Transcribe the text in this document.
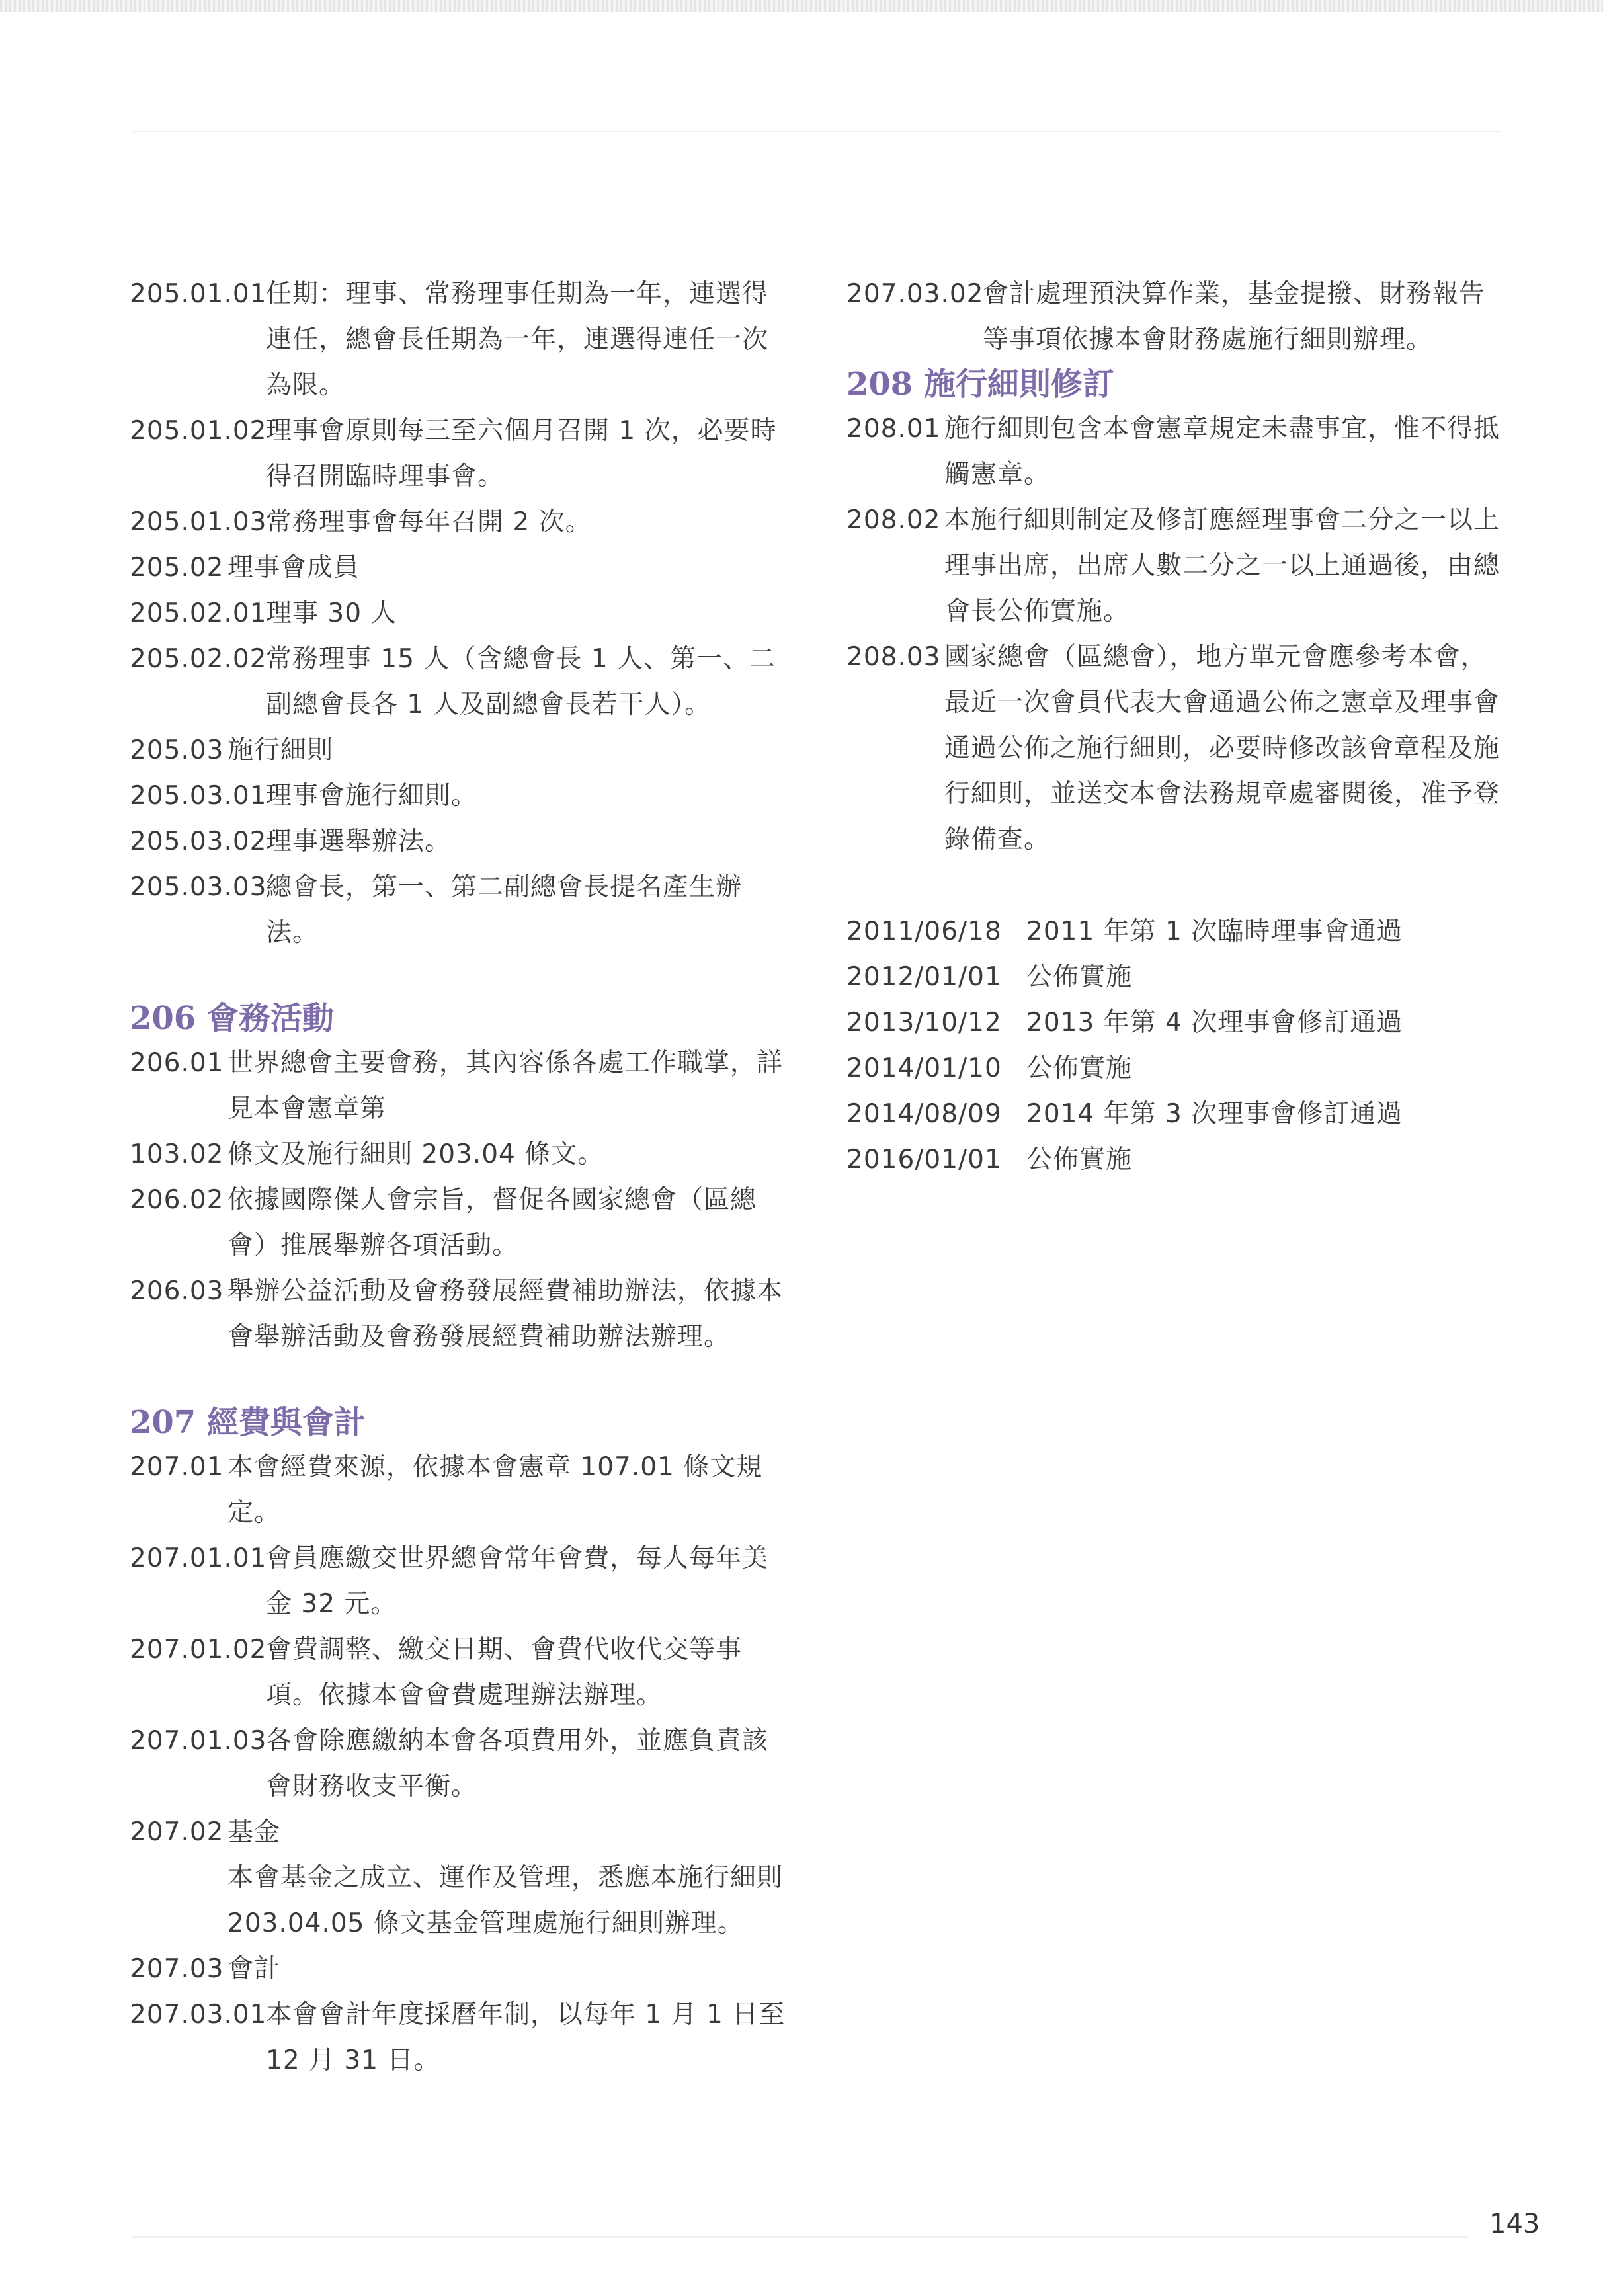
205.01.01
任期：理事、常務理事任期為一年，連選得連任，總會長任期為一年，連選得連任一次為限。
205.01.02
理事會原則每三至六個月召開 1 次，必要時得召開臨時理事會。
205.01.03
常務理事會每年召開 2 次。
205.02 理事會成員
205.02.01
理事 30 人
205.02.02
常務理事 15 人（含總會長 1 人、第一、二副總會長各 1 人及副總會長若干人）。
205.03 施行細則
205.03.01
理事會施行細則。
205.03.02
理事選舉辦法。
205.03.03
總會長，第一、第二副總會長提名產生辦法。
206 會務活動
206.01 世界總會主要會務，其內容係各處工作職掌，詳見本會憲章第
103.02 條文及施行細則 203.04 條文。
206.02 依據國際傑人會宗旨，督促各國家總會（區總會）推展舉辦各項活動。
206.03 舉辦公益活動及會務發展經費補助辦法，依據本會舉辦活動及會務發展經費補助辦法辦理。
207 經費與會計
207.01 本會經費來源，依據本會憲章 107.01 條文規定。
207.01.01
會員應繳交世界總會常年會費，每人每年美金 32 元。
207.01.02
會費調整、繳交日期、會費代收代交等事項。依據本會會費處理辦法辦理。
207.01.03
各會除應繳納本會各項費用外，並應負責該會財務收支平衡。
207.02 基金
本會基金之成立、運作及管理，悉應本施行細則 203.04.05 條文基金管理處施行細則辦理。
207.03 會計
207.03.01
本會會計年度採曆年制，以每年 1 月 1 日至 12 月 31 日。
207.03.02
會計處理預決算作業，基金提撥、財務報告等事項依據本會財務處施行細則辦理。
208 施行細則修訂
208.01 施行細則包含本會憲章規定未盡事宜，惟不得抵觸憲章。
208.02 本施行細則制定及修訂應經理事會二分之一以上理事出席，出席人數二分之一以上通過後，由總會長公佈實施。
208.03 國家總會（區總會），地方單元會應參考本會，最近一次會員代表大會通過公佈之憲章及理事會通過公佈之施行細則，必要時修改該會章程及施行細則，並送交本會法務規章處審閱後，准予登錄備查。
2011/06/18 2011 年第 1 次臨時理事會通過
2012/01/01 公佈實施
2013/10/12 2013 年第 4 次理事會修訂通過
2014/01/10 公佈實施
2014/08/09 2014 年第 3 次理事會修訂通過
2016/01/01 公佈實施
143
